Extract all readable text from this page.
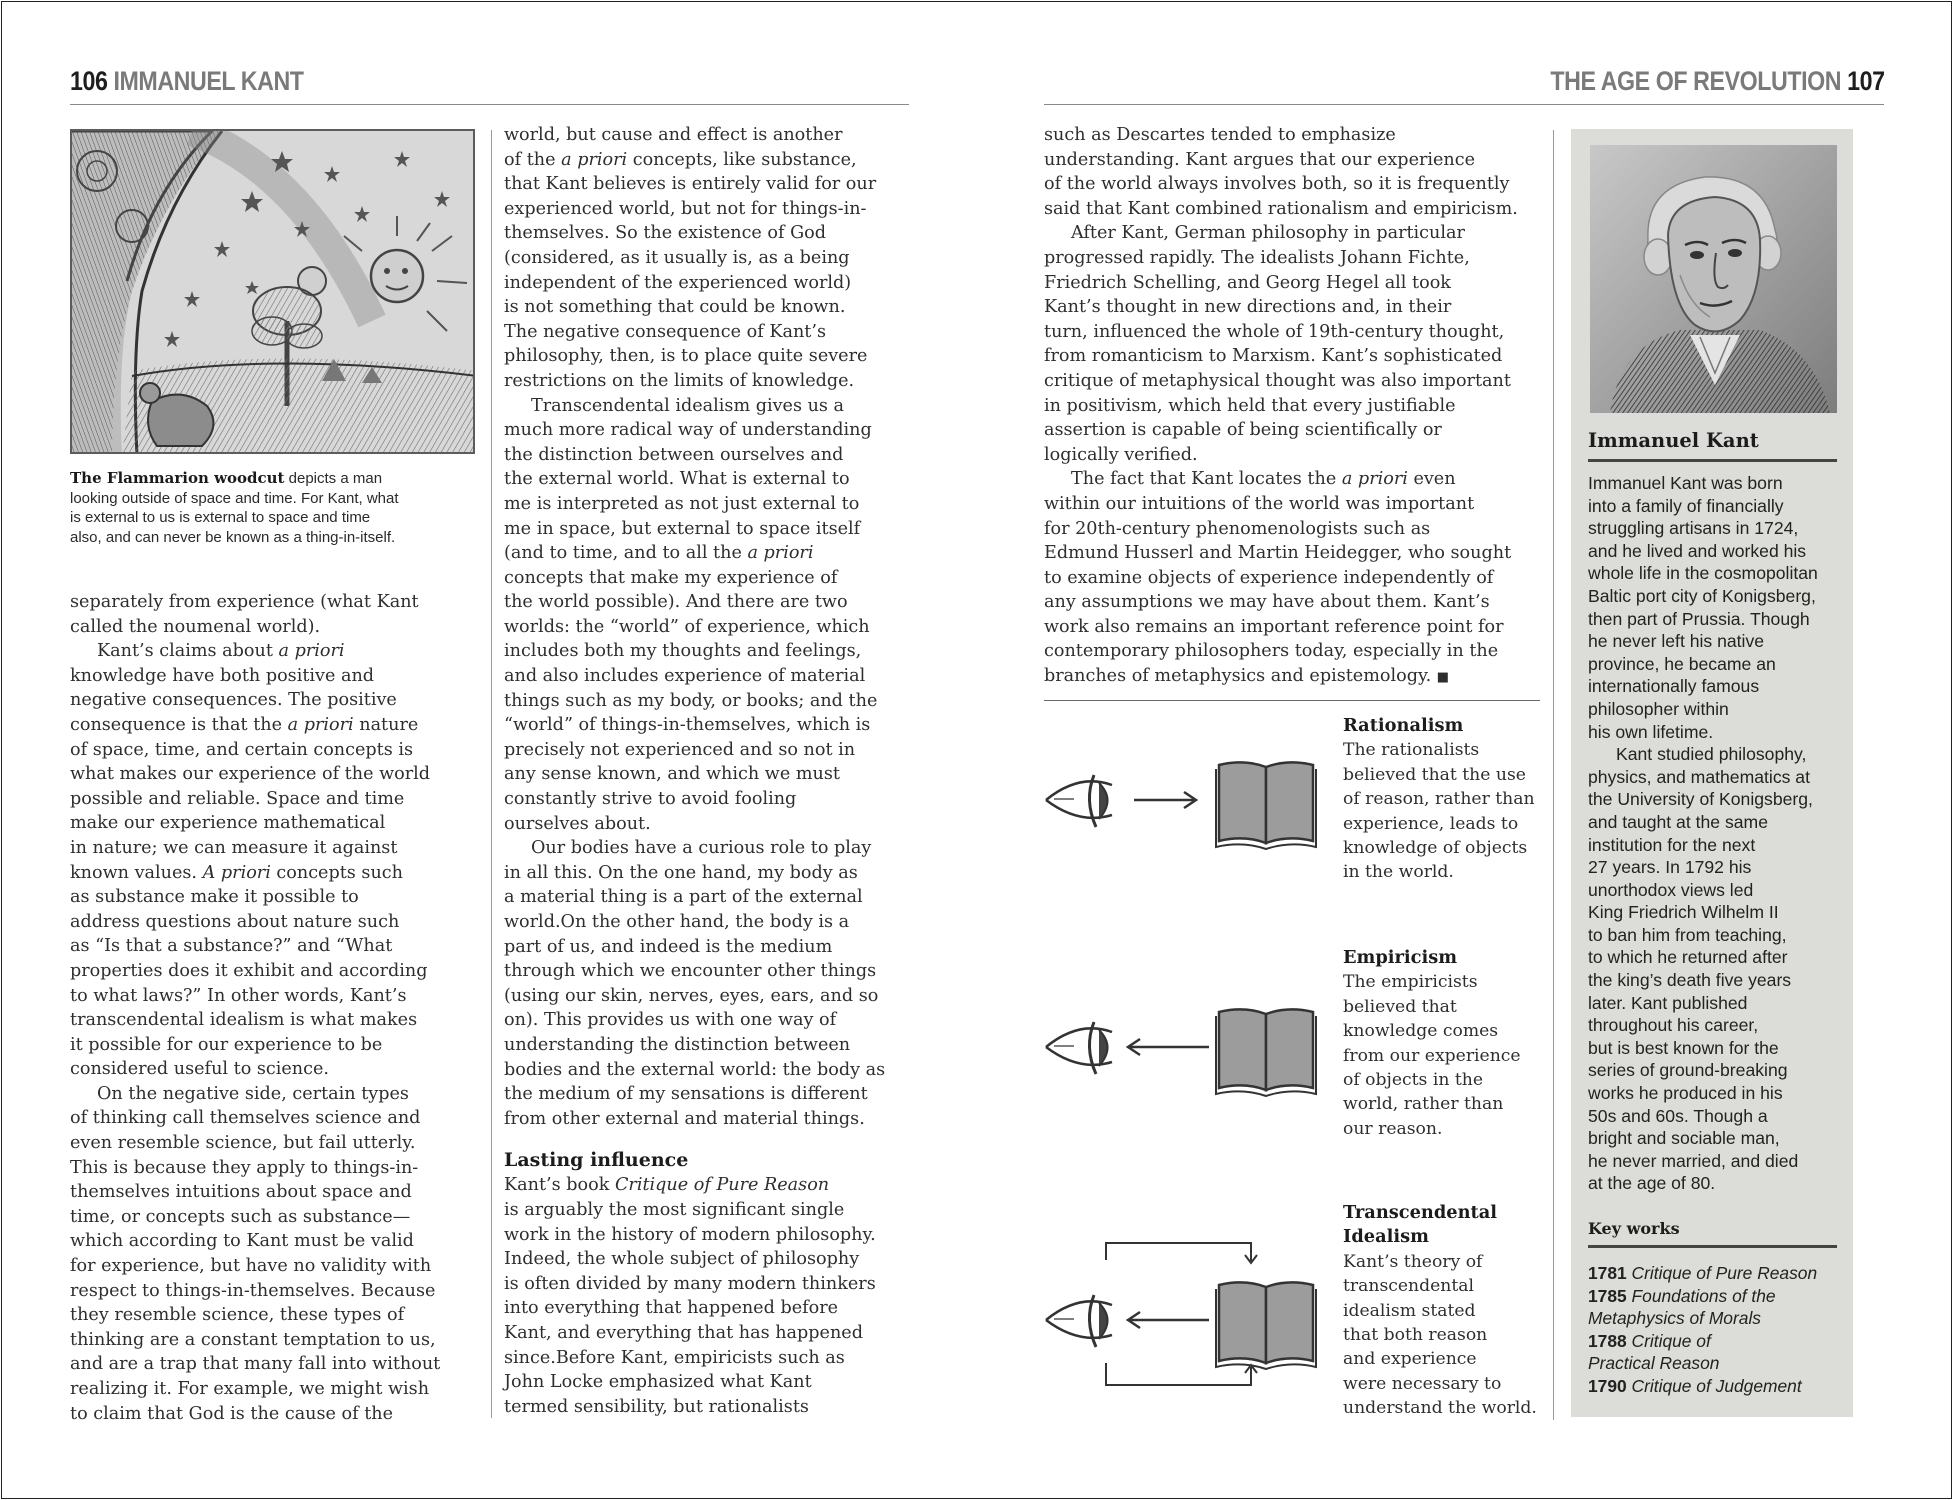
106 IMMANUEL KANT	THE AGE OF REVOLUTION 107
The Flammarion woodcut depicts a man
looking outside of space and time. For Kant, what
is external to us is external to space and time
also, and can never be known as a thing-in-itself.

separately from experience (what Kant
called the noumenal world).

Kant’s claims about a priori
knowledge have both positive and
negative consequences. The positive
consequence is that the a priori nature
of space, time, and certain concepts is
what makes our experience of the world
possible and reliable. Space and time
make our experience mathematical
in nature; we can measure it against
known values. A priori concepts such
as substance make it possible to
address questions about nature such
as “Is that a substance?” and “What
properties does it exhibit and according
to what laws?” In other words, Kant’s
transcendental idealism is what makes
it possible for our experience to be
considered useful to science.

On the negative side, certain types
of thinking call themselves science and
even resemble science, but fail utterly.
This is because they apply to things-in-
themselves intuitions about space and
time, or concepts such as substance—
which according to Kant must be valid
for experience, but have no validity with
respect to things-in-themselves. Because
they resemble science, these types of
thinking are a constant temptation to us,
and are a trap that many fall into without
realizing it. For example, we might wish
to claim that God is the cause of the

world, but cause and effect is another
of the a priori concepts, like substance,
that Kant believes is entirely valid for our
experienced world, but not for things-in-
themselves. So the existence of God
(considered, as it usually is, as a being
independent of the experienced world)
is not something that could be known.
The negative consequence of Kant’s
philosophy, then, is to place quite severe
restrictions on the limits of knowledge.

Transcendental idealism gives us a
much more radical way of understanding
the distinction between ourselves and
the external world. What is external to
me is interpreted as not just external to
me in space, but external to space itself
(and to time, and to all the a priori
concepts that make my experience of
the world possible). And there are two
worlds: the “world” of experience, which
includes both my thoughts and feelings,
and also includes experience of material
things such as my body, or books; and the
“world” of things-in-themselves, which is
precisely not experienced and so not in
any sense known, and which we must
constantly strive to avoid fooling
ourselves about.

Our bodies have a curious role to play
in all this. On the one hand, my body as
a material thing is a part of the external
world.On the other hand, the body is a
part of us, and indeed is the medium
through which we encounter other things
(using our skin, nerves, eyes, ears, and so
on). This provides us with one way of
understanding the distinction between
bodies and the external world: the body as
the medium of my sensations is different
from other external and material things.

Lasting influence

Kant’s book Critique of Pure Reason
is arguably the most significant single
work in the history of modern philosophy.
Indeed, the whole subject of philosophy
is often divided by many modern thinkers
into everything that happened before
Kant, and everything that has happened
since.Before Kant, empiricists such as
John Locke emphasized what Kant
termed sensibility, but rationalists

such as Descartes tended to emphasize
understanding. Kant argues that our experience
of the world always involves both, so it is frequently
said that Kant combined rationalism and empiricism.

After Kant, German philosophy in particular
progressed rapidly. The idealists Johann Fichte,
Friedrich Schelling, and Georg Hegel all took
Kant’s thought in new directions and, in their
turn, influenced the whole of 19th-century thought,
from romanticism to Marxism. Kant’s sophisticated
critique of metaphysical thought was also important
in positivism, which held that every justifiable
assertion is capable of being scientifically or
logically verified.

The fact that Kant locates the a priori even
within our intuitions of the world was important
for 20th-century phenomenologists such as
Edmund Husserl and Martin Heidegger, who sought
to examine objects of experience independently of
any assumptions we may have about them. Kant’s
work also remains an important reference point for
contemporary philosophers today, especially in the
branches of metaphysics and epistemology. ■

Rationalism
The rationalists
believed that the use
of reason, rather than
experience, leads to
knowledge of objects
in the world.
Empiricism
The empiricists
believed that
knowledge comes
from our experience
of objects in the
world, rather than
our reason.
Transcendental
Idealism
Kant’s theory of
transcendental
idealism stated
that both reason
and experience
were necessary to
understand the world.
Immanuel Kant

Immanuel Kant was born
into a family of financially
struggling artisans in 1724,
and he lived and worked his
whole life in the cosmopolitan
Baltic port city of Konigsberg,
then part of Prussia. Though
he never left his native
province, he became an
internationally famous
philosopher within
his own lifetime.

Kant studied philosophy,
physics, and mathematics at
the University of Konigsberg,
and taught at the same
institution for the next
27 years. In 1792 his
unorthodox views led
King Friedrich Wilhelm II
to ban him from teaching,
to which he returned after
the king’s death five years
later. Kant published
throughout his career,
but is best known for the
series of ground-breaking
works he produced in his
50s and 60s. Though a
bright and sociable man,
he never married, and died
at the age of 80.

Key works
1781 Critique of Pure Reason
1785 Foundations of the
Metaphysics of Morals
1788 Critique of
Practical Reason
1790 Critique of Judgement
